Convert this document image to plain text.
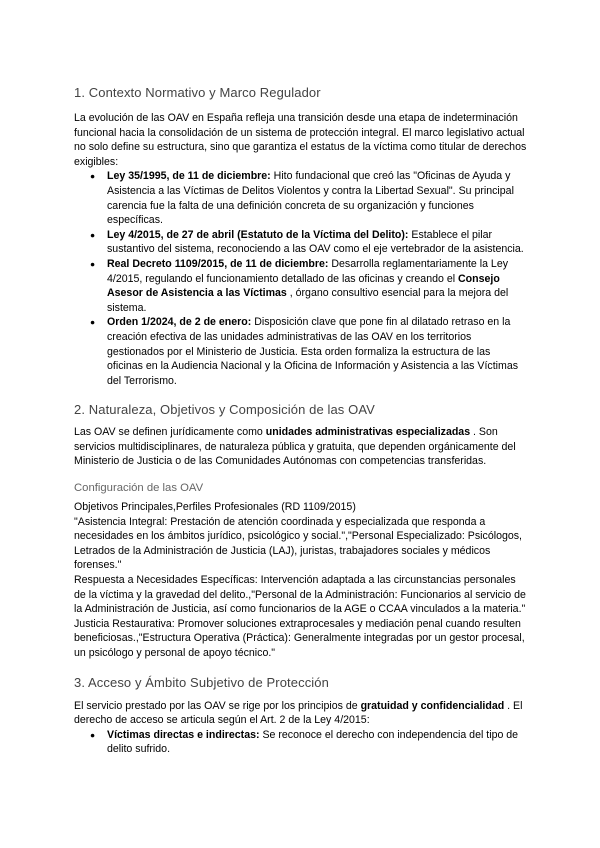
1. Contexto Normativo y Marco Regulador

La evolución de las OAV en España refleja una transición desde una etapa de indeterminación funcional hacia la consolidación de un sistema de protección integral. El marco legislativo actual no solo define su estructura, sino que garantiza el estatus de la víctima como titular de derechos exigibles:

● Ley 35/1995, de 11 de diciembre: Hito fundacional que creó las "Oficinas de Ayuda y Asistencia a las Víctimas de Delitos Violentos y contra la Libertad Sexual". Su principal carencia fue la falta de una definición concreta de su organización y funciones específicas.
● Ley 4/2015, de 27 de abril (Estatuto de la Víctima del Delito): Establece el pilar sustantivo del sistema, reconociendo a las OAV como el eje vertebrador de la asistencia.
● Real Decreto 1109/2015, de 11 de diciembre: Desarrolla reglamentariamente la Ley 4/2015, regulando el funcionamiento detallado de las oficinas y creando el Consejo Asesor de Asistencia a las Víctimas , órgano consultivo esencial para la mejora del sistema.
● Orden 1/2024, de 2 de enero: Disposición clave que pone fin al dilatado retraso en la creación efectiva de las unidades administrativas de las OAV en los territorios gestionados por el Ministerio de Justicia. Esta orden formaliza la estructura de las oficinas en la Audiencia Nacional y la Oficina de Información y Asistencia a las Víctimas del Terrorismo.
2. Naturaleza, Objetivos y Composición de las OAV

Las OAV se definen jurídicamente como unidades administrativas especializadas . Son servicios multidisciplinares, de naturaleza pública y gratuita, que dependen orgánicamente del Ministerio de Justicia o de las Comunidades Autónomas con competencias transferidas.

Configuración de las OAV

Objetivos Principales,Perfiles Profesionales (RD 1109/2015)
"Asistencia Integral: Prestación de atención coordinada y especializada que responda a necesidades en los ámbitos jurídico, psicológico y social.","Personal Especializado: Psicólogos, Letrados de la Administración de Justicia (LAJ), juristas, trabajadores sociales y médicos forenses."
Respuesta a Necesidades Específicas: Intervención adaptada a las circunstancias personales de la víctima y la gravedad del delito.,"Personal de la Administración: Funcionarios al servicio de la Administración de Justicia, así como funcionarios de la AGE o CCAA vinculados a la materia."
Justicia Restaurativa: Promover soluciones extraprocesales y mediación penal cuando resulten beneficiosas.,"Estructura Operativa (Práctica): Generalmente integradas por un gestor procesal, un psicólogo y personal de apoyo técnico."

3. Acceso y Ámbito Subjetivo de Protección

El servicio prestado por las OAV se rige por los principios de gratuidad y confidencialidad . El derecho de acceso se articula según el Art. 2 de la Ley 4/2015:

● Víctimas directas e indirectas: Se reconoce el derecho con independencia del tipo de delito sufrido.
